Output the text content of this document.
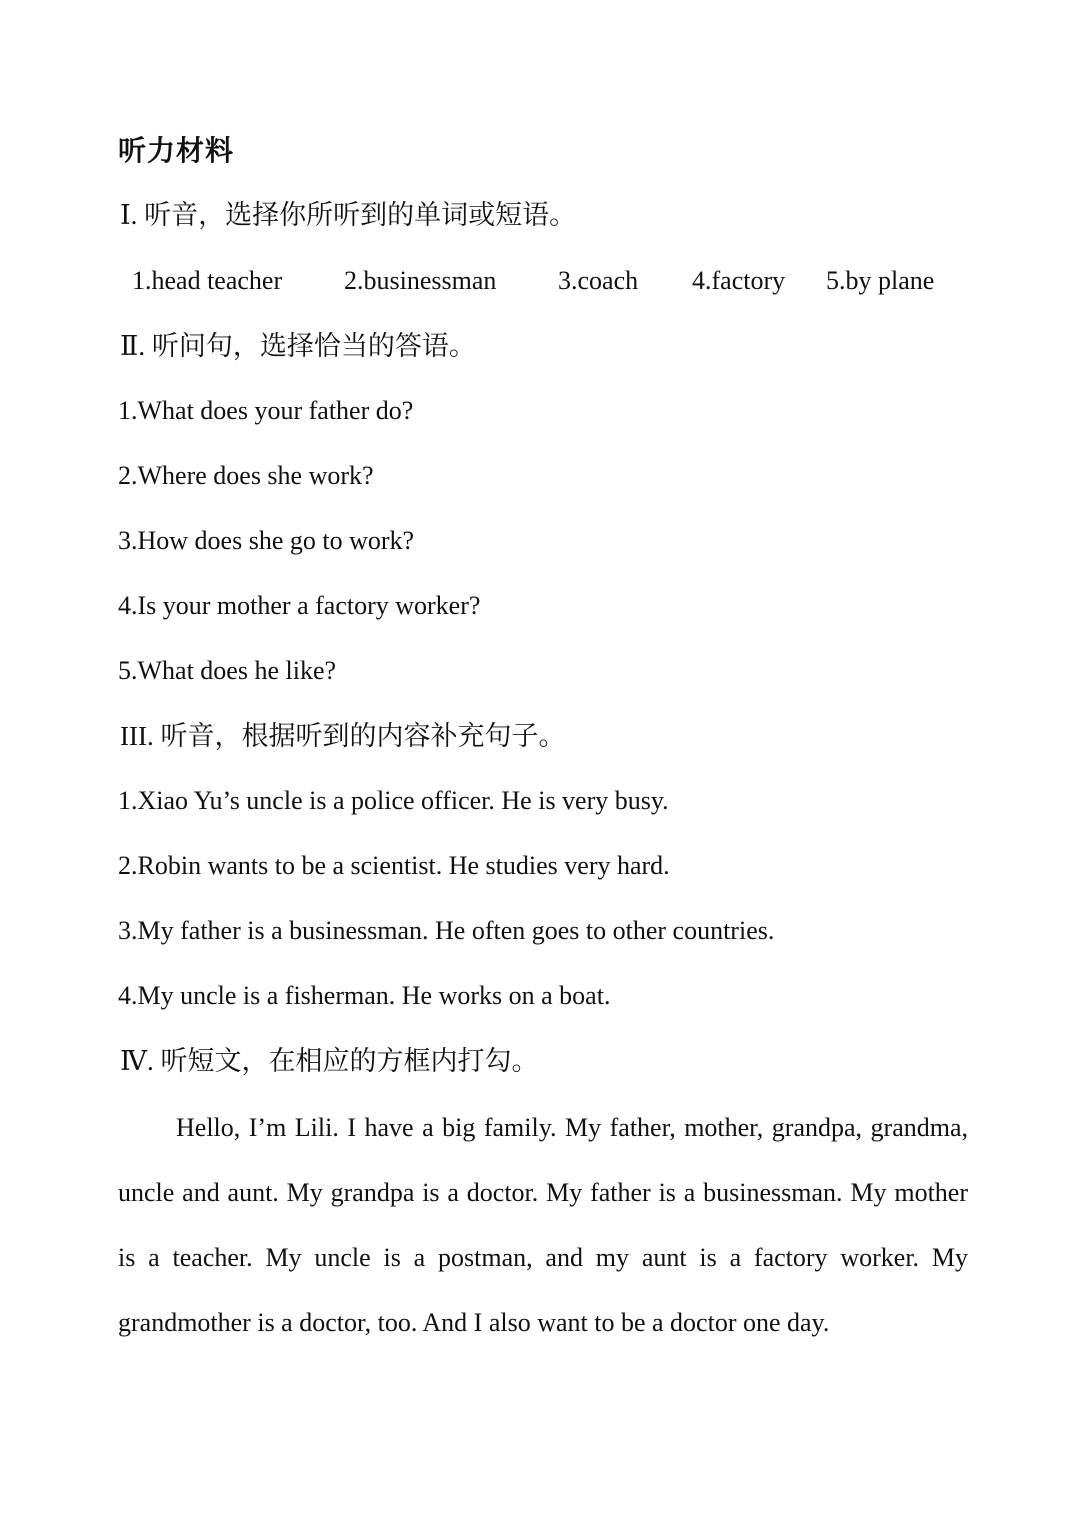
听力材料
Ⅰ. 听音，选择你所听到的单词或短语。
1.head teacher	2.businessman	3.coach	4.factory	5.by plane
Ⅱ. 听问句，选择恰当的答语。
1.What does your father do?
2.Where does she work?
3.How does she go to work?
4.Is your mother a factory worker?
5.What does he like?
III. 听音，根据听到的内容补充句子。
1.Xiao Yu’s uncle is a police officer. He is very busy.
2.Robin wants to be a scientist. He studies very hard.
3.My father is a businessman. He often goes to other countries.
4.My uncle is a fisherman. He works on a boat.
Ⅳ. 听短文，在相应的方框内打勾。
Hello, I’m Lili. I have a big family. My father, mother, grandpa, grandma, uncle and aunt. My grandpa is a doctor. My father is a businessman. My mother is a teacher. My uncle is a postman, and my aunt is a factory worker. My grandmother is a doctor, too. And I also want to be a doctor one day.
